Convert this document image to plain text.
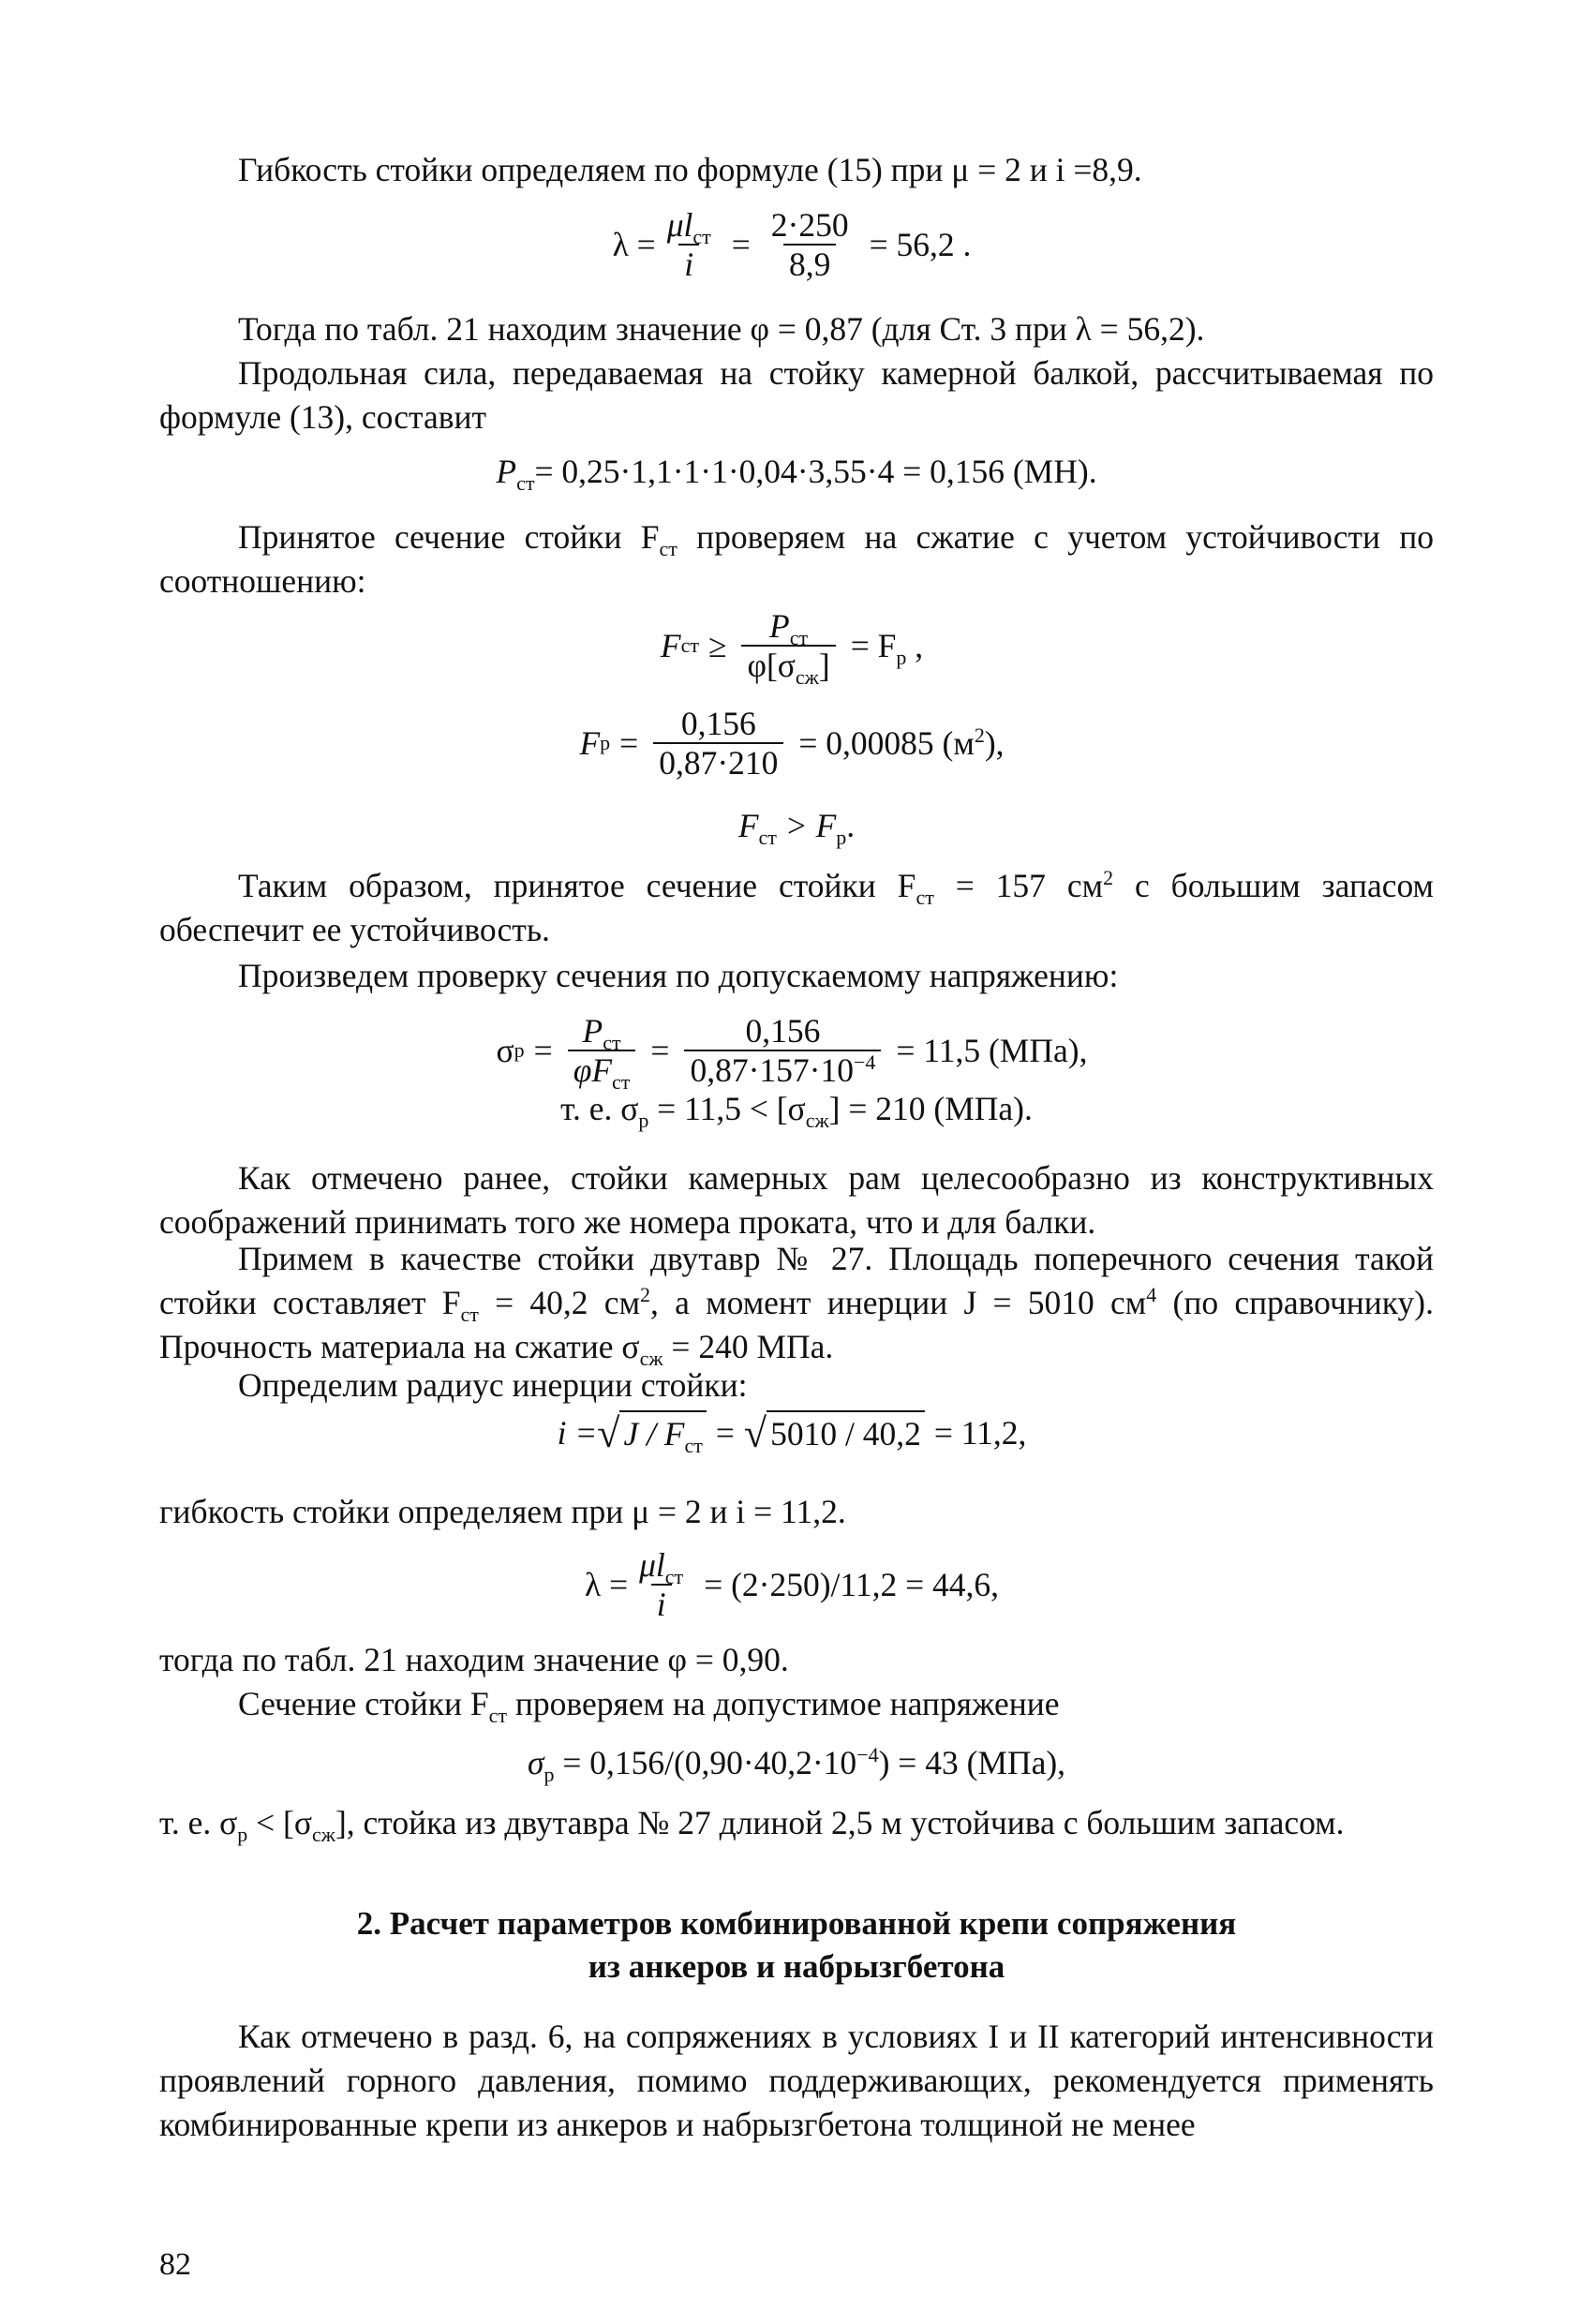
Гибкость стойки определяем по формуле (15) при μ = 2 и i =8,9.

$\lambda = \frac{\mu l_{ст}}{i} = \frac{2\cdot 250}{8,9} = 56,2$ .

Тогда по табл. 21 находим значение φ = 0,87 (для Ст. 3 при λ = 56,2).

Продольная сила, передаваемая на стойку камерной балкой, рассчитываемая по формуле (13), составит

$P_{ст}= 0,25\cdot 1,1\cdot 1\cdot 1\cdot 0,04\cdot 3,55\cdot 4 = 0,156$ (МН).

Принятое сечение стойки $F_{ст}$ проверяем на сжатие с учетом устойчивости по соотношению:

F ст ≥ $\frac{P_{ст}}{\varphi[\sigma_{сж}]} = F_p$ ,
F $p = \frac{0,156}{0,87\cdot 210} = 0,00085$ $(м^2)$,
$F_{ст} > F_p$.

Таким образом, принятое сечение стойки $F_{ст} = 157$ $см^2$ с большим запасом обеспечит ее устойчивость.

Произведем проверку сечения по допускаемому напряжению:

σ $p = \frac{P_{ст}}{\varphi F_{ст}} = \frac{0,156}{0,87\cdot 157\cdot 10^{-4}} = 11,5$ (МПа),
т. е. $\sigma_p = 11,5 < [\sigma_{сж}] = 210$ (МПа).

Как отмечено ранее, стойки камерных рам целесообразно из конструктивных соображений принимать того же номера проката, что и для балки.

Примем в качестве стойки двутавр № 27. Площадь поперечного сечения такой стойки составляет $F_{ст} = 40,2$ $см^2$, а момент инерции J = 5010 $см^4$ (по справочнику). Прочность материала на сжатие $\sigma_{сж} = 240$ МПа.

Определим радиус инерции стойки:

i = √ J / $F_{ст}$ = √ 5010 / 40,2 = 11,2,

гибкость стойки определяем при μ = 2 и i = 11,2.

$\lambda = \frac{\mu l_{ст}}{i} = (2\cdot 250)/11,2 = 44,6$,

тогда по табл. 21 находим значение φ = 0,90.

Сечение стойки $F_{ст}$ проверяем на допустимое напряжение

$\sigma_p = 0,156/(0,90\cdot 40,2\cdot 10^{-4}) = 43$ (МПа),

т. е. $\sigma_p < [\sigma_{сж}]$, стойка из двутавра № 27 длиной 2,5 м устойчива с большим запасом.

2. Расчет параметров комбинированной крепи сопряжения
из анкеров и набрызгбетона

Как отмечено в разд. 6, на сопряжениях в условиях I и II категорий интенсивности проявлений горного давления, помимо поддерживающих, рекомендуется применять комбинированные крепи из анкеров и набрызгбетона толщиной не менее

82
